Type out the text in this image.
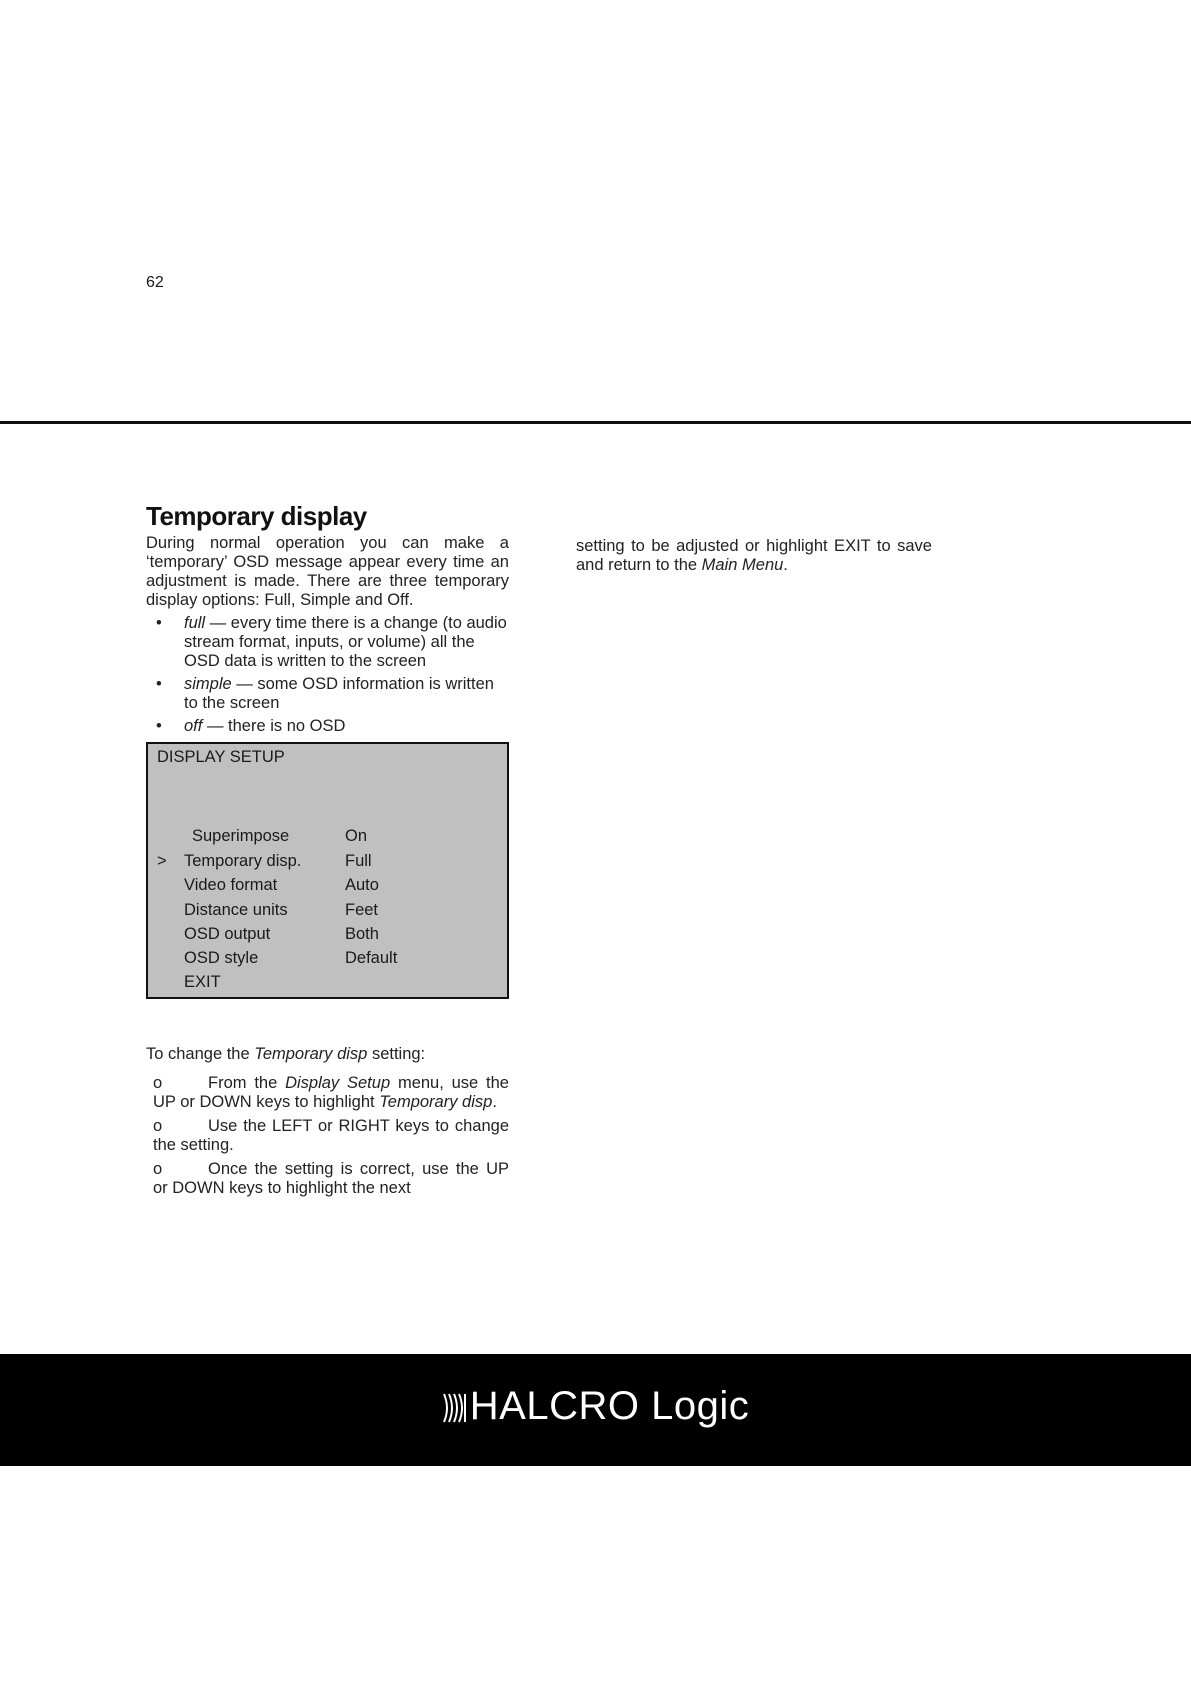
62
Temporary display

During normal operation you can make a ‘temporary’ OSD message appear every time an adjustment is made. There are three temporary display options: Full, Simple and Off.

• full — every time there is a change (to audio stream format, inputs, or volume) all the OSD data is written to the screen
• simple — some OSD information is written to the screen
• off — there is no OSD
DISPLAY SETUP
Superimpose	On
> Temporary disp.	Full
Video format	Auto
Distance units	Feet
OSD output	Both
OSD style	Default
EXIT

To change the Temporary disp setting:

o	From the Display Setup menu, use the UP or DOWN keys to highlight Temporary disp.
o	Use the LEFT or RIGHT keys to change the setting.
o	Once the setting is correct, use the UP or DOWN keys to highlight the next

setting to be adjusted or highlight EXIT to save and return to the Main Menu.

HALCRO Logic
